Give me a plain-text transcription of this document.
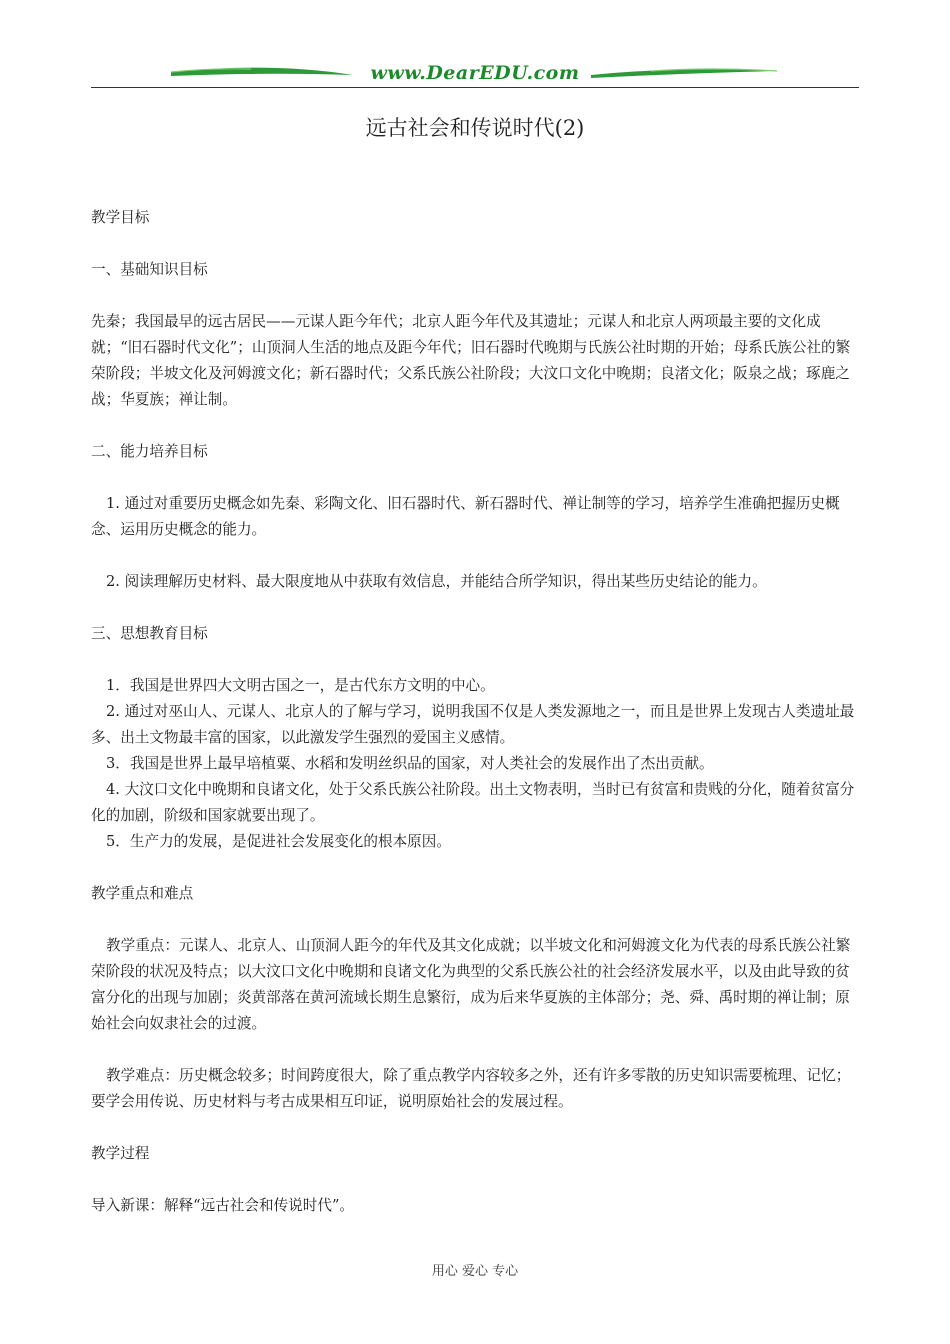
www.DearEDU.com
远古社会和传说时代(2)

教学目标

一、基础知识目标

先秦；我国最早的远古居民——元谋人距今年代；北京人距今年代及其遗址；元谋人和北京人两项最主要的文化成就；“旧石器时代文化”；山顶洞人生活的地点及距今年代；旧石器时代晚期与氏族公社时期的开始；母系氏族公社的繁荣阶段；半坡文化及河姆渡文化；新石器时代；父系氏族公社阶段；大汶口文化中晚期；良渚文化；阪泉之战；琢鹿之战；华夏族；禅让制。

二、能力培养目标

1. 通过对重要历史概念如先秦、彩陶文化、旧石器时代、新石器时代、禅让制等的学习，培养学生准确把握历史概念、运用历史概念的能力。

2. 阅读理解历史材料、最大限度地从中获取有效信息，并能结合所学知识，得出某些历史结论的能力。

三、思想教育目标

1．我国是世界四大文明古国之一，是古代东方文明的中心。

2. 通过对巫山人、元谋人、北京人的了解与学习，说明我国不仅是人类发源地之一，而且是世界上发现古人类遗址最多、出土文物最丰富的国家，以此激发学生强烈的爱国主义感情。

3．我国是世界上最早培植粟、水稻和发明丝织品的国家，对人类社会的发展作出了杰出贡献。

4. 大汶口文化中晚期和良诸文化，处于父系氏族公社阶段。出土文物表明，当时已有贫富和贵贱的分化，随着贫富分化的加剧，阶级和国家就要出现了。

5．生产力的发展，是促进社会发展变化的根本原因。

教学重点和难点

教学重点：元谋人、北京人、山顶洞人距今的年代及其文化成就；以半坡文化和河姆渡文化为代表的母系氏族公社繁荣阶段的状况及特点；以大汶口文化中晚期和良诸文化为典型的父系氏族公社的社会经济发展水平，以及由此导致的贫富分化的出现与加剧；炎黄部落在黄河流域长期生息繁衍，成为后来华夏族的主体部分；尧、舜、禹时期的禅让制；原始社会向奴隶社会的过渡。

教学难点：历史概念较多；时间跨度很大，除了重点教学内容较多之外，还有许多零散的历史知识需要梳理、记忆；要学会用传说、历史材料与考古成果相互印证，说明原始社会的发展过程。

教学过程

导入新课：解释“远古社会和传说时代”。

用心 爱心 专心
